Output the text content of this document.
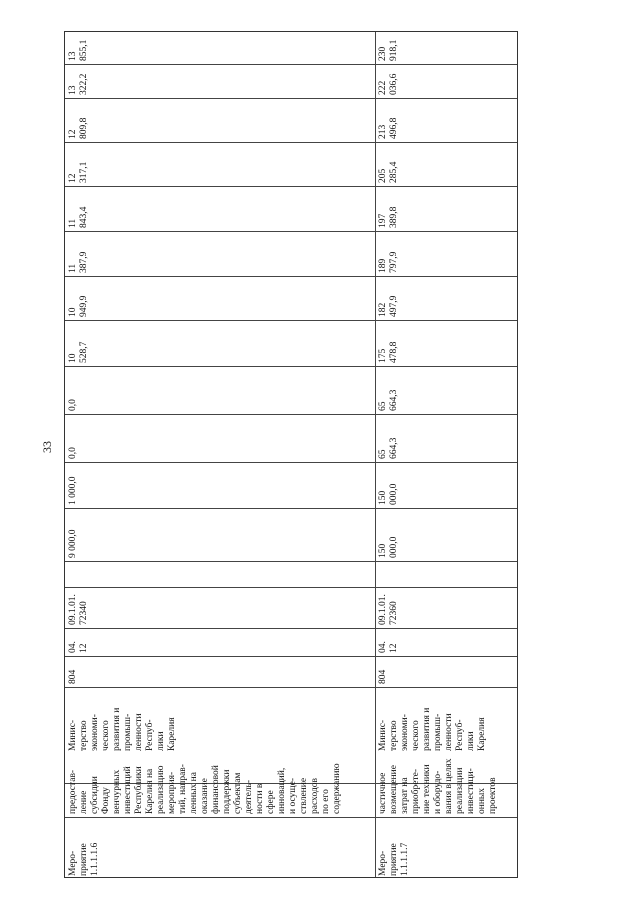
33
Меро-
приятие
1.1.1.1.6
предостав-
ление
субсидии
Фонду
венчурных
инвестиций
Республики
Карелия на
реализацию
мероприя-
тий, направ-
ленных на
оказание
финансовой
поддержки
субъектам
деятель-
ности в
сфере
инноваций,
и осуще-
ствление
расходов
по его
содержанию
Минис-
терство
экономи-
ческого
развития и
промыш-
ленности
Респуб-
лики
Карелия
804
04.
12
09.1.01.
72340
9 000,0
1 000,0
0,0
0,0
10
528,7
10
949,9
11
387,9
11
843,4
12
317,1
12
809,8
13
322,2
13
855,1
Меро-
приятие
1.1.1.1.7
частичное
возмещение
затрат на
приобрете-
ние техники
и оборудо-
вания в целях
реализации
инвестици-
онных
проектов
Минис-
терство
экономи-
ческого
развития и
промыш-
ленности
Респуб-
лики
Карелия
804
04.
12
09.1.01.
72360
150
000,0
150
000,0
65
664,3
65
664,3
175
478,8
182
497,9
189
797,9
197
389,8
205
285,4
213
496,8
222
036,6
230
918,1
